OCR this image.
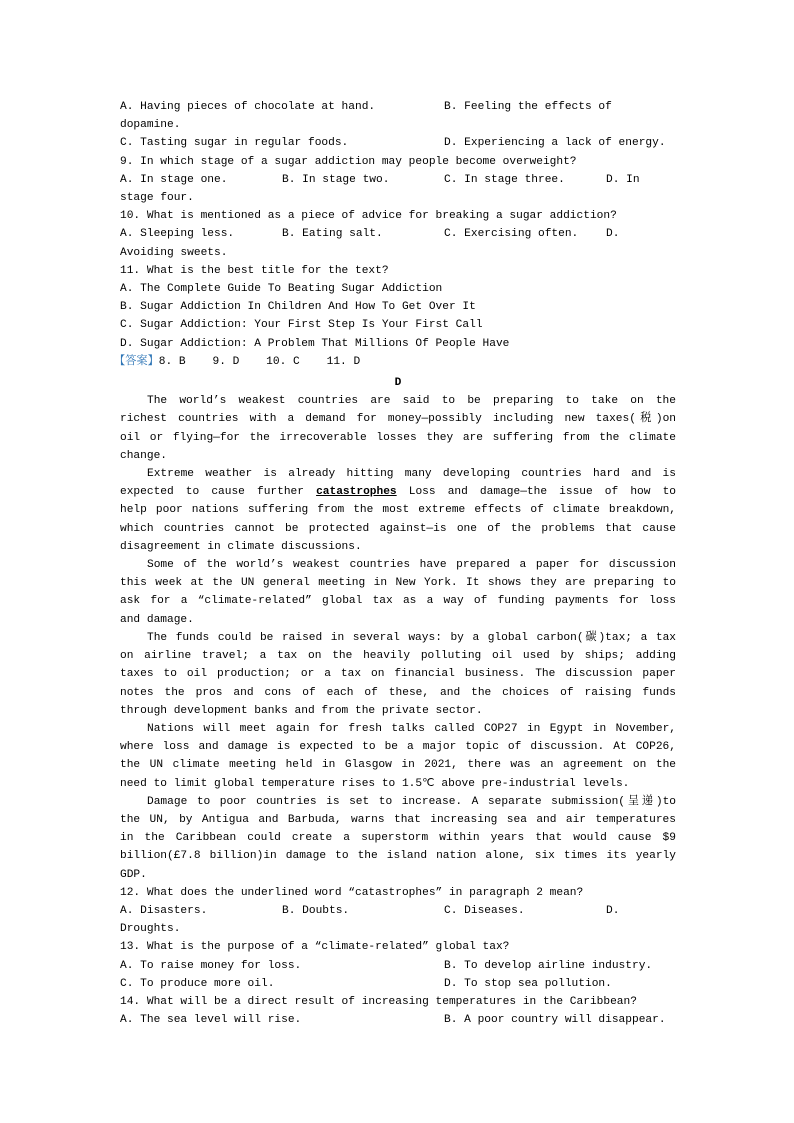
A. Having pieces of chocolate at hand.	B. Feeling the effects of dopamine.
C. Tasting sugar in regular foods.	D. Experiencing a lack of energy.
9. In which stage of a sugar addiction may people become overweight?
A. In stage one.	B. In stage two.	C. In stage three.	D. In stage four.
10. What is mentioned as a piece of advice for breaking a sugar addiction?
A. Sleeping less.	B. Eating salt.	C. Exercising often. D. Avoiding sweets.
11. What is the best title for the text?
A. The Complete Guide To Beating Sugar Addiction
B. Sugar Addiction In Children And How To Get Over It
C. Sugar Addiction: Your First Step Is Your First Call
D. Sugar Addiction: A Problem That Millions Of People Have
【答案】8. B    9. D    10. C    11. D
D
The world’s weakest countries are said to be preparing to take on the
richest countries with a demand for money—possibly including new taxes(税)on
oil or flying—for the irrecoverable losses they are suffering from the climate
change.
Extreme weather is already hitting many developing countries hard and is
expected to cause further catastrophes Loss and damage—the issue of how to
help poor nations suffering from the most extreme effects of climate breakdown,
which countries cannot be protected against—is one of the problems that cause
disagreement in climate discussions.
Some of the world’s weakest countries have prepared a paper for discussion
this week at the UN general meeting in New York. It shows they are preparing to
ask for a “climate-related” global tax as a way of funding payments for loss
and damage.
The funds could be raised in several ways: by a global carbon(碳)tax; a tax
on airline travel; a tax on the heavily polluting oil used by ships; adding
taxes to oil production; or a tax on financial business. The discussion paper
notes the pros and cons of each of these, and the choices of raising funds
through development banks and from the private sector.
Nations will meet again for fresh talks called COP27 in Egypt in November,
where loss and damage is expected to be a major topic of discussion. At COP26,
the UN climate meeting held in Glasgow in 2021, there was an agreement on the
need to limit global temperature rises to 1.5℃ above pre-industrial levels.
Damage to poor countries is set to increase. A separate submission(呈递)to
the UN, by Antigua and Barbuda, warns that increasing sea and air temperatures
in the Caribbean could create a superstorm within years that would cause $9
billion(£7.8 billion)in damage to the island nation alone, six times its yearly
GDP.
12. What does the underlined word “catastrophes” in paragraph 2 mean?
A. Disasters.	B. Doubts.	C. Diseases.	D. Droughts.
13. What is the purpose of a “climate-related” global tax?
A. To raise money for loss.	B. To develop airline industry.
C. To produce more oil.	D. To stop sea pollution.
14. What will be a direct result of increasing temperatures in the Caribbean?
A. The sea level will rise.	B. A poor country will disappear.
